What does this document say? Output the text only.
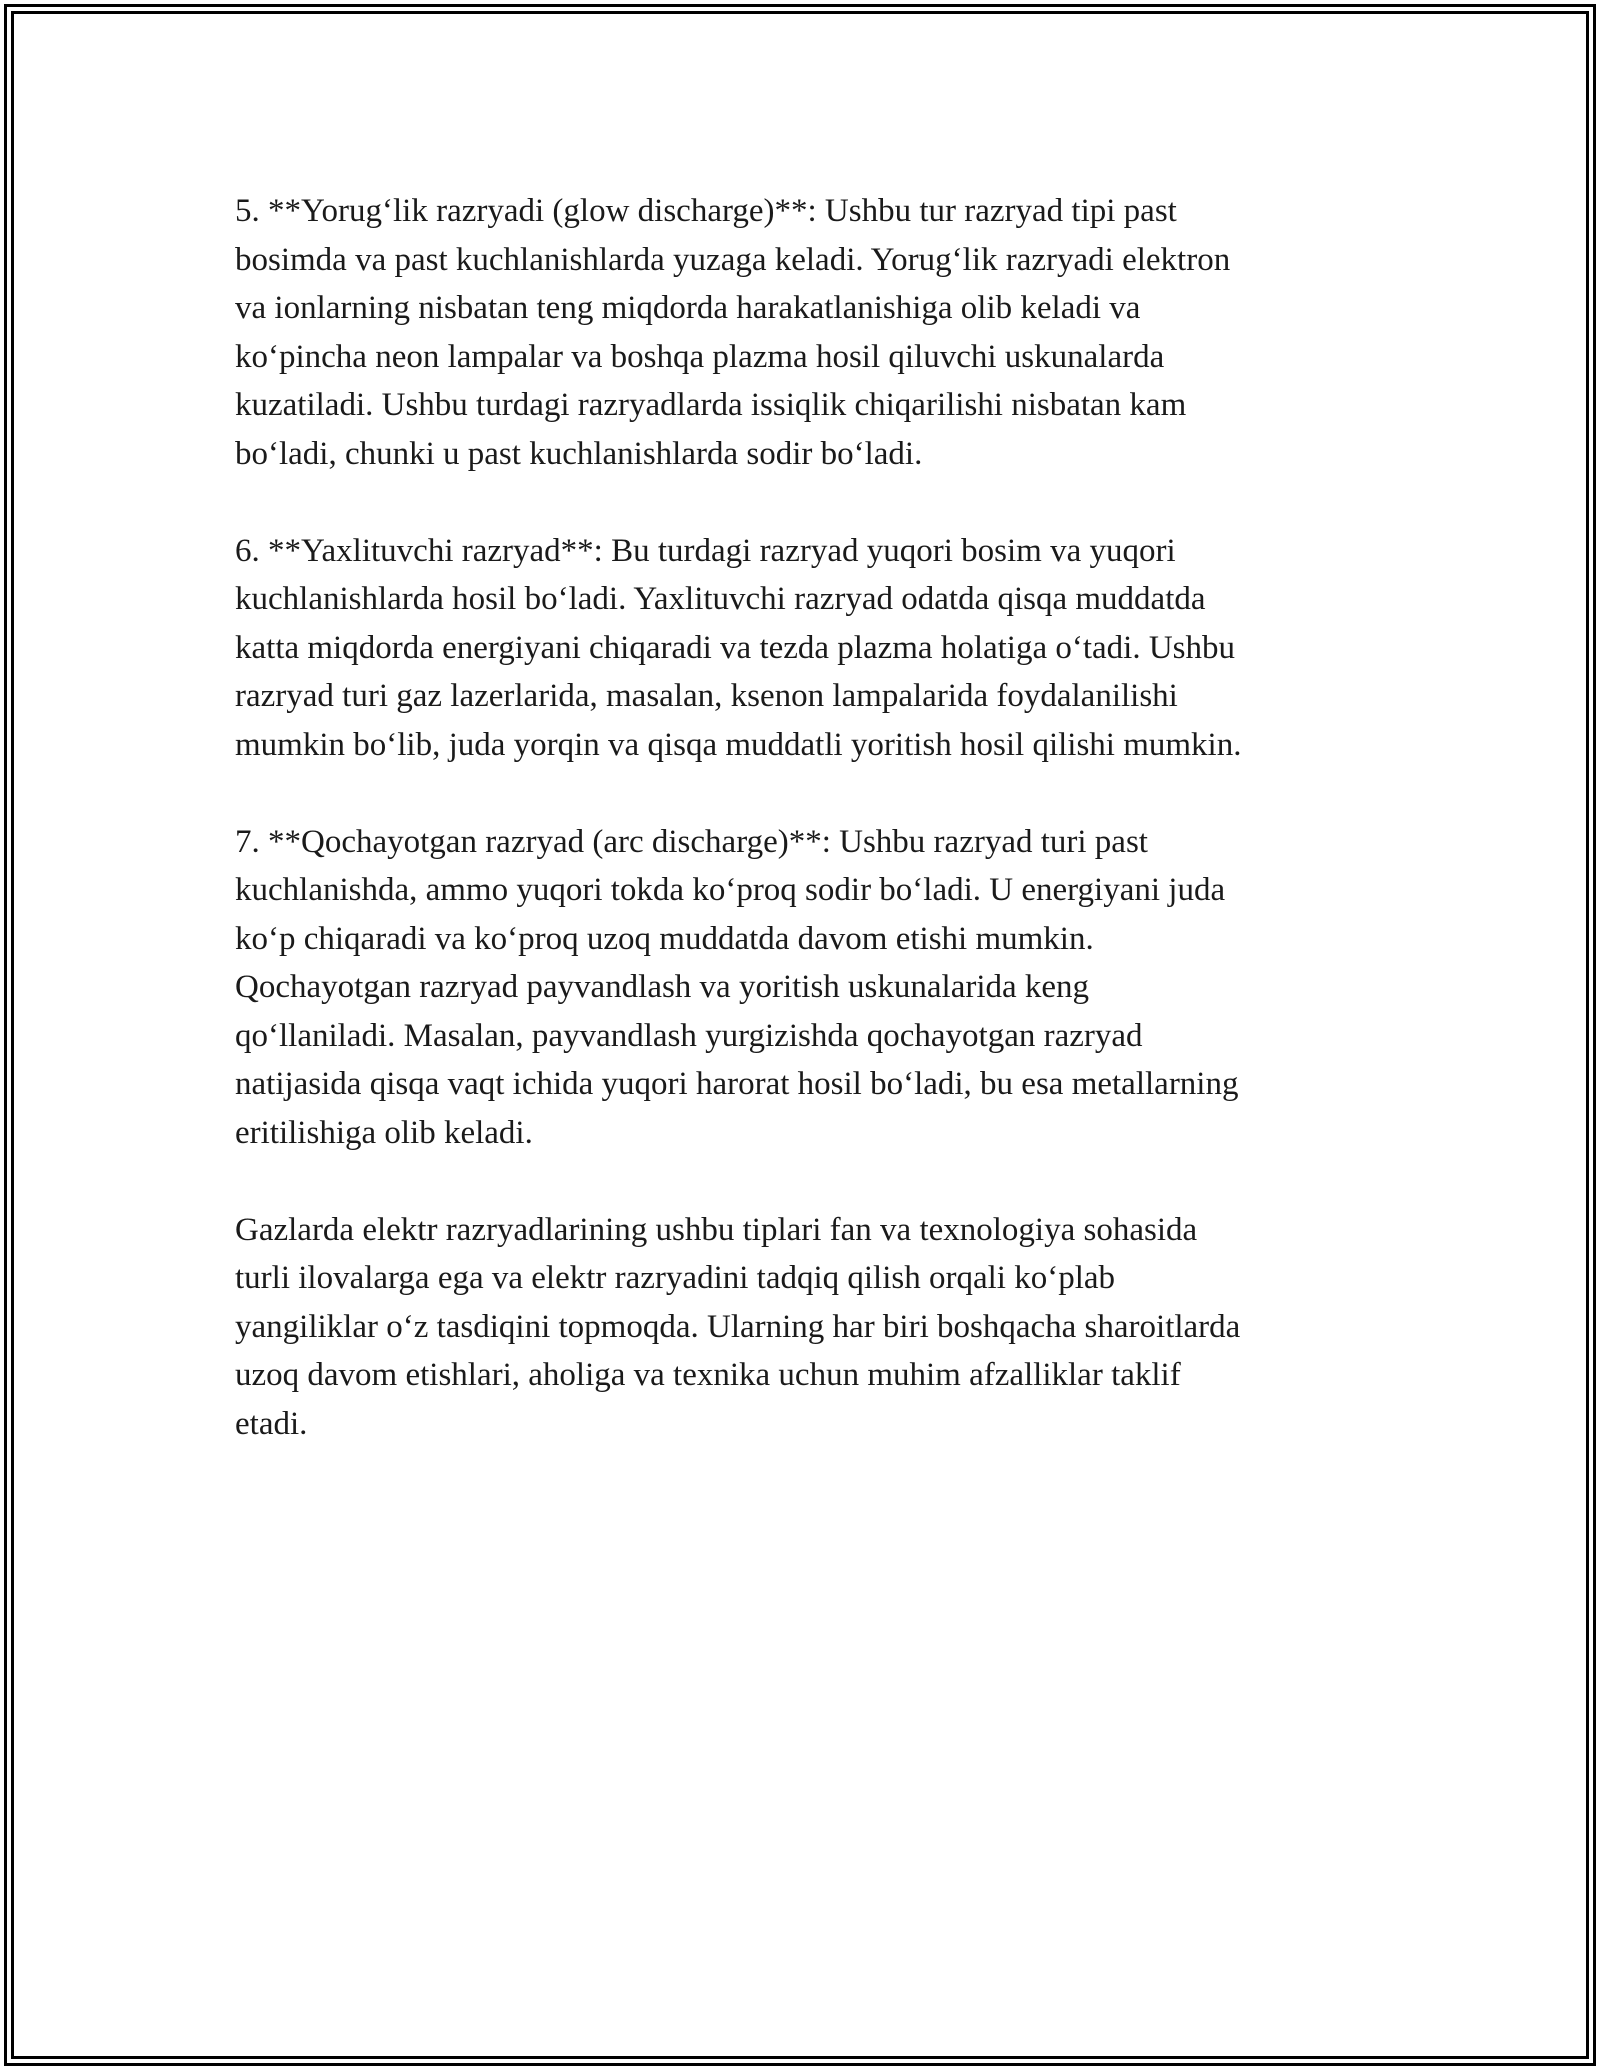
5. **Yorug‘lik razryadi (glow discharge)**: Ushbu tur razryad tipi past
bosimda va past kuchlanishlarda yuzaga keladi. Yorug‘lik razryadi elektron
va ionlarning nisbatan teng miqdorda harakatlanishiga olib keladi va
ko‘pincha neon lampalar va boshqa plazma hosil qiluvchi uskunalarda
kuzatiladi. Ushbu turdagi razryadlarda issiqlik chiqarilishi nisbatan kam
bo‘ladi, chunki u past kuchlanishlarda sodir bo‘ladi.

6. **Yaxlituvchi razryad**: Bu turdagi razryad yuqori bosim va yuqori
kuchlanishlarda hosil bo‘ladi. Yaxlituvchi razryad odatda qisqa muddatda
katta miqdorda energiyani chiqaradi va tezda plazma holatiga o‘tadi. Ushbu
razryad turi gaz lazerlarida, masalan, ksenon lampalarida foydalanilishi
mumkin bo‘lib, juda yorqin va qisqa muddatli yoritish hosil qilishi mumkin.

7. **Qochayotgan razryad (arc discharge)**: Ushbu razryad turi past
kuchlanishda, ammo yuqori tokda ko‘proq sodir bo‘ladi. U energiyani juda
ko‘p chiqaradi va ko‘proq uzoq muddatda davom etishi mumkin.
Qochayotgan razryad payvandlash va yoritish uskunalarida keng
qo‘llaniladi. Masalan, payvandlash yurgizishda qochayotgan razryad
natijasida qisqa vaqt ichida yuqori harorat hosil bo‘ladi, bu esa metallarning
eritilishiga olib keladi.

Gazlarda elektr razryadlarining ushbu tiplari fan va texnologiya sohasida
turli ilovalarga ega va elektr razryadini tadqiq qilish orqali ko‘plab
yangiliklar o‘z tasdiqini topmoqda. Ularning har biri boshqacha sharoitlarda
uzoq davom etishlari, aholiga va texnika uchun muhim afzalliklar taklif
etadi.
